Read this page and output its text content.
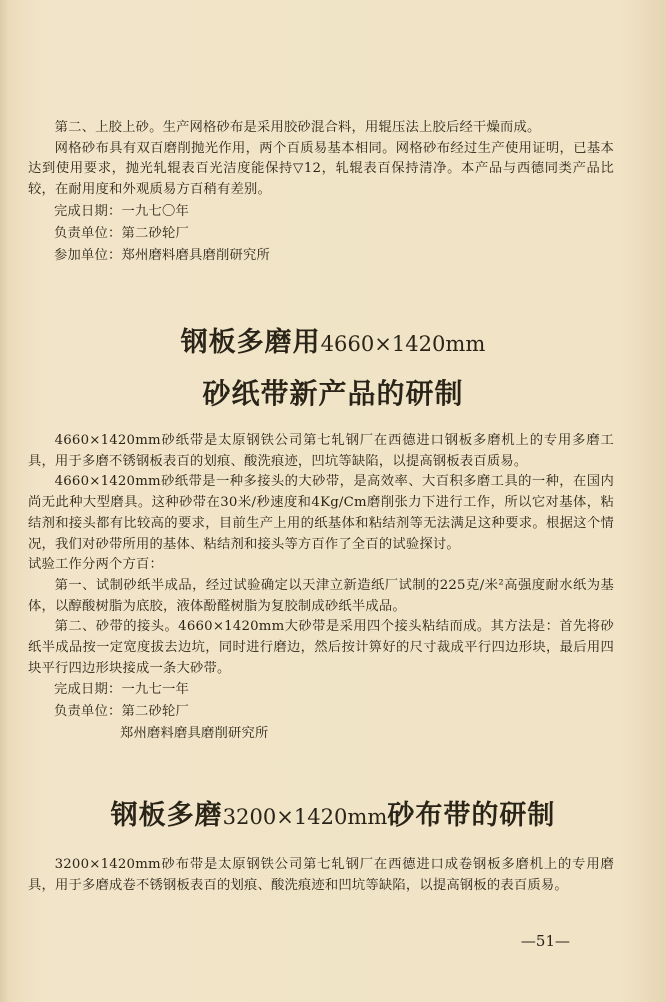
第二、上胶上砂。生产网格砂布是采用胶砂混合料，用辊压法上胶后经干燥而成。

网格砂布具有双百磨削抛光作用，两个百质易基本相同。网格砂布经过生产使用证明，已基本达到使用要求，抛光轧辊表百光洁度能保持▽12，轧辊表百保持清净。本产品与西德同类产品比较，在耐用度和外观质易方百稍有差别。

完成日期：一九七〇年

负责单位：第二砂轮厂

参加单位：郑州磨料磨具磨削研究所

钢板多磨用4660×1420mm
砂纸带新产品的研制

4660×1420mm砂纸带是太原钢铁公司第七轧钢厂在西德进口钢板多磨机上的专用多磨工具，用于多磨不锈钢板表百的划痕、酸洗痕迹，凹坑等缺陷，以提高钢板表百质易。

4660×1420mm砂纸带是一种多接头的大砂带，是高效率、大百积多磨工具的一种，在国内尚无此种大型磨具。这种砂带在30米/秒速度和4Kg/Cm磨削张力下进行工作，所以它对基体，粘结剂和接头都有比较高的要求，目前生产上用的纸基体和粘结剂等无法满足这种要求。根据这个情况，我们对砂带所用的基体、粘结剂和接头等方百作了全百的试验探讨。

试验工作分两个方百：

第一、试制砂纸半成品，经过试验确定以天津立新造纸厂试制的225克/米²高强度耐水纸为基体，以醇酸树脂为底胶，液体酚醛树脂为复胶制成砂纸半成品。

第二、砂带的接头。4660×1420mm大砂带是采用四个接头粘结而成。其方法是：首先将砂纸半成品按一定宽度拔去边坑，同时进行磨边，然后按计箅好的尺寸裁成平行四边形块，最后用四块平行四边形块接成一条大砂带。

完成日期：一九七一年

负责单位：第二砂轮厂

郑州磨料磨具磨削研究所

钢板多磨3200×1420mm砂布带的研制

3200×1420mm砂布带是太原钢铁公司第七轧钢厂在西德进口成卷钢板多磨机上的专用磨具，用于多磨成卷不锈钢板表百的划痕、酸洗痕迹和凹坑等缺陷，以提高钢板的表百质易。

—51—
